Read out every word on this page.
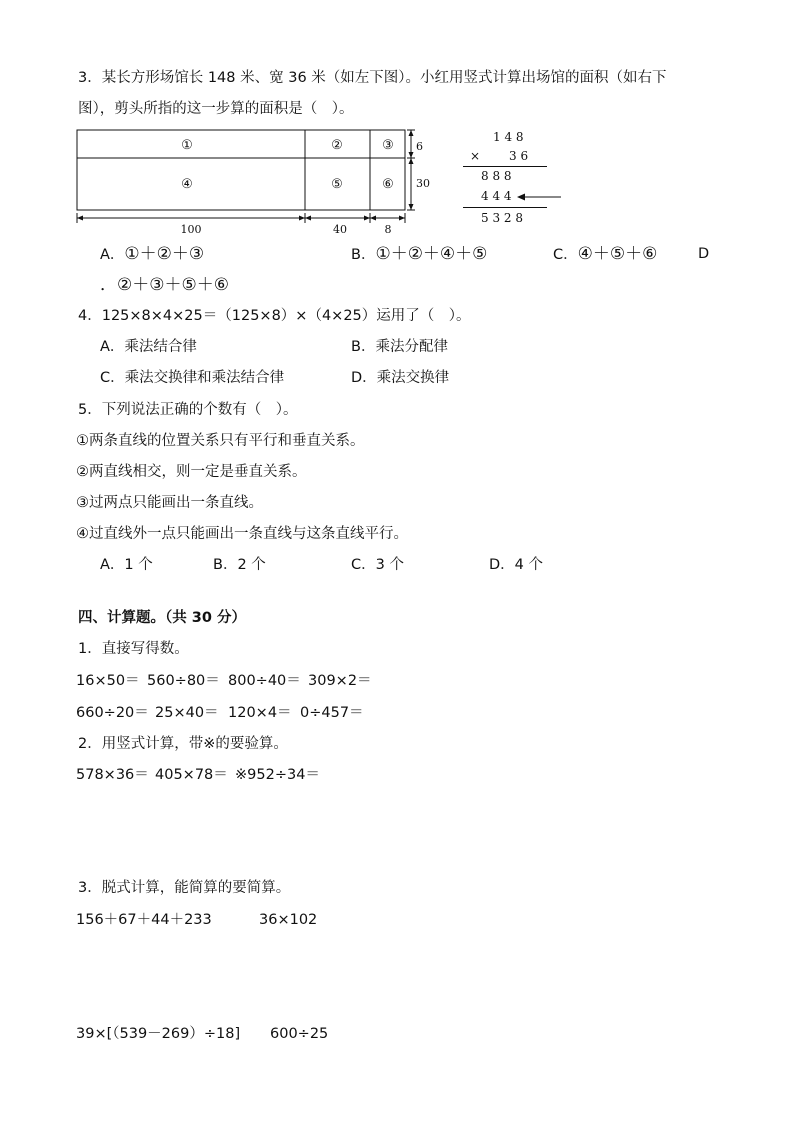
3．某长方形场馆长 148 米、宽 36 米（如左下图）。小红用竖式计算出场馆的面积（如右下
图），剪头所指的这一步算的面积是（　）。
①	②	③
④	⑤	⑥
6
30
100	40	8
1 4 8
× 3 6
8 8 8
4 4 4
5 3 2 8
A．①＋②＋③	B．①＋②＋④＋⑤	C．④＋⑤＋⑥	D
．②＋③＋⑤＋⑥
4．125×8×4×25＝（125×8）×（4×25）运用了（　）。
A．乘法结合律	B．乘法分配律
C．乘法交换律和乘法结合律	D．乘法交换律
5．下列说法正确的个数有（　）。
①两条直线的位置关系只有平行和垂直关系。
②两直线相交，则一定是垂直关系。
③过两点只能画出一条直线。
④过直线外一点只能画出一条直线与这条直线平行。
A．1 个	B．2 个	C．3 个	D．4 个
四、计算题。（共 30 分）
1．直接写得数。
16×50＝ 560÷80＝ 800÷40＝ 309×2＝
660÷20＝ 25×40＝ 120×4＝ 0÷457＝
2．用竖式计算，带※的要验算。
578×36＝ 405×78＝ ※952÷34＝
3．脱式计算，能简算的要简算。
156＋67＋44＋233	36×102
39×[（539－269）÷18] 600÷25
